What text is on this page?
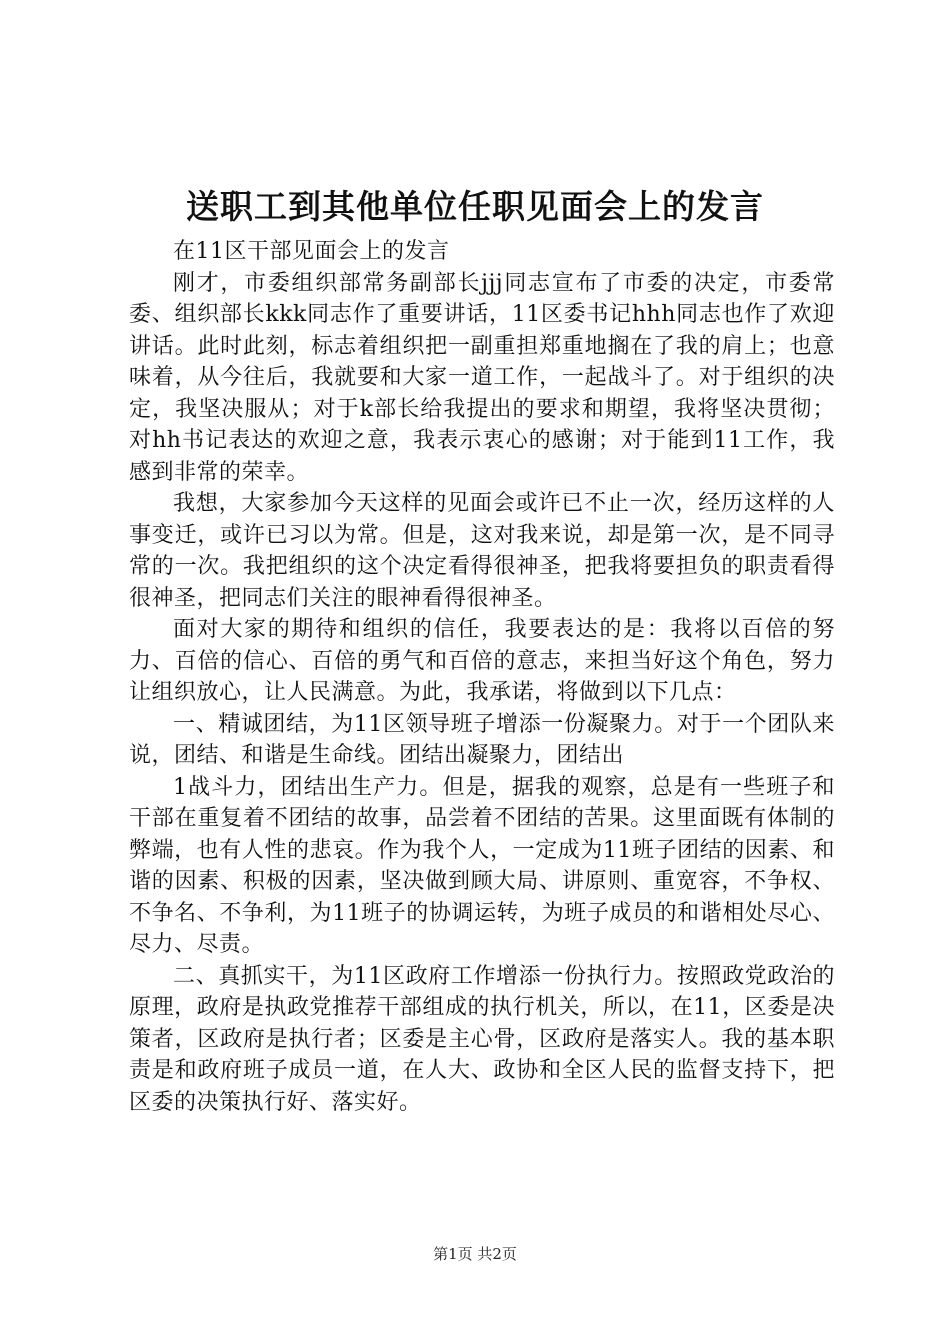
送职工到其他单位任职见面会上的发言

在11区干部见面会上的发言

刚才，市委组织部常务副部长jjj同志宣布了市委的决定，市委常委、组织部长kkk同志作了重要讲话，11区委书记hhh同志也作了欢迎讲话。此时此刻，标志着组织把一副重担郑重地搁在了我的肩上；也意味着，从今往后，我就要和大家一道工作，一起战斗了。对于组织的决定，我坚决服从；对于k部长给我提出的要求和期望，我将坚决贯彻；对hh书记表达的欢迎之意，我表示衷心的感谢；对于能到11工作，我感到非常的荣幸。

我想，大家参加今天这样的见面会或许已不止一次，经历这样的人事变迁，或许已习以为常。但是，这对我来说，却是第一次，是不同寻常的一次。我把组织的这个决定看得很神圣，把我将要担负的职责看得很神圣，把同志们关注的眼神看得很神圣。

面对大家的期待和组织的信任，我要表达的是：我将以百倍的努力、百倍的信心、百倍的勇气和百倍的意志，来担当好这个角色，努力让组织放心，让人民满意。为此，我承诺，将做到以下几点：

一、精诚团结，为11区领导班子增添一份凝聚力。对于一个团队来说，团结、和谐是生命线。团结出凝聚力，团结出

1战斗力，团结出生产力。但是，据我的观察，总是有一些班子和干部在重复着不团结的故事，品尝着不团结的苦果。这里面既有体制的弊端，也有人性的悲哀。作为我个人，一定成为11班子团结的因素、和谐的因素、积极的因素，坚决做到顾大局、讲原则、重宽容，不争权、不争名、不争利，为11班子的协调运转，为班子成员的和谐相处尽心、尽力、尽责。

二、真抓实干，为11区政府工作增添一份执行力。按照政党政治的原理，政府是执政党推荐干部组成的执行机关，所以，在11，区委是决策者，区政府是执行者；区委是主心骨，区政府是落实人。我的基本职责是和政府班子成员一道，在人大、政协和全区人民的监督支持下，把区委的决策执行好、落实好。

第1页 共2页
